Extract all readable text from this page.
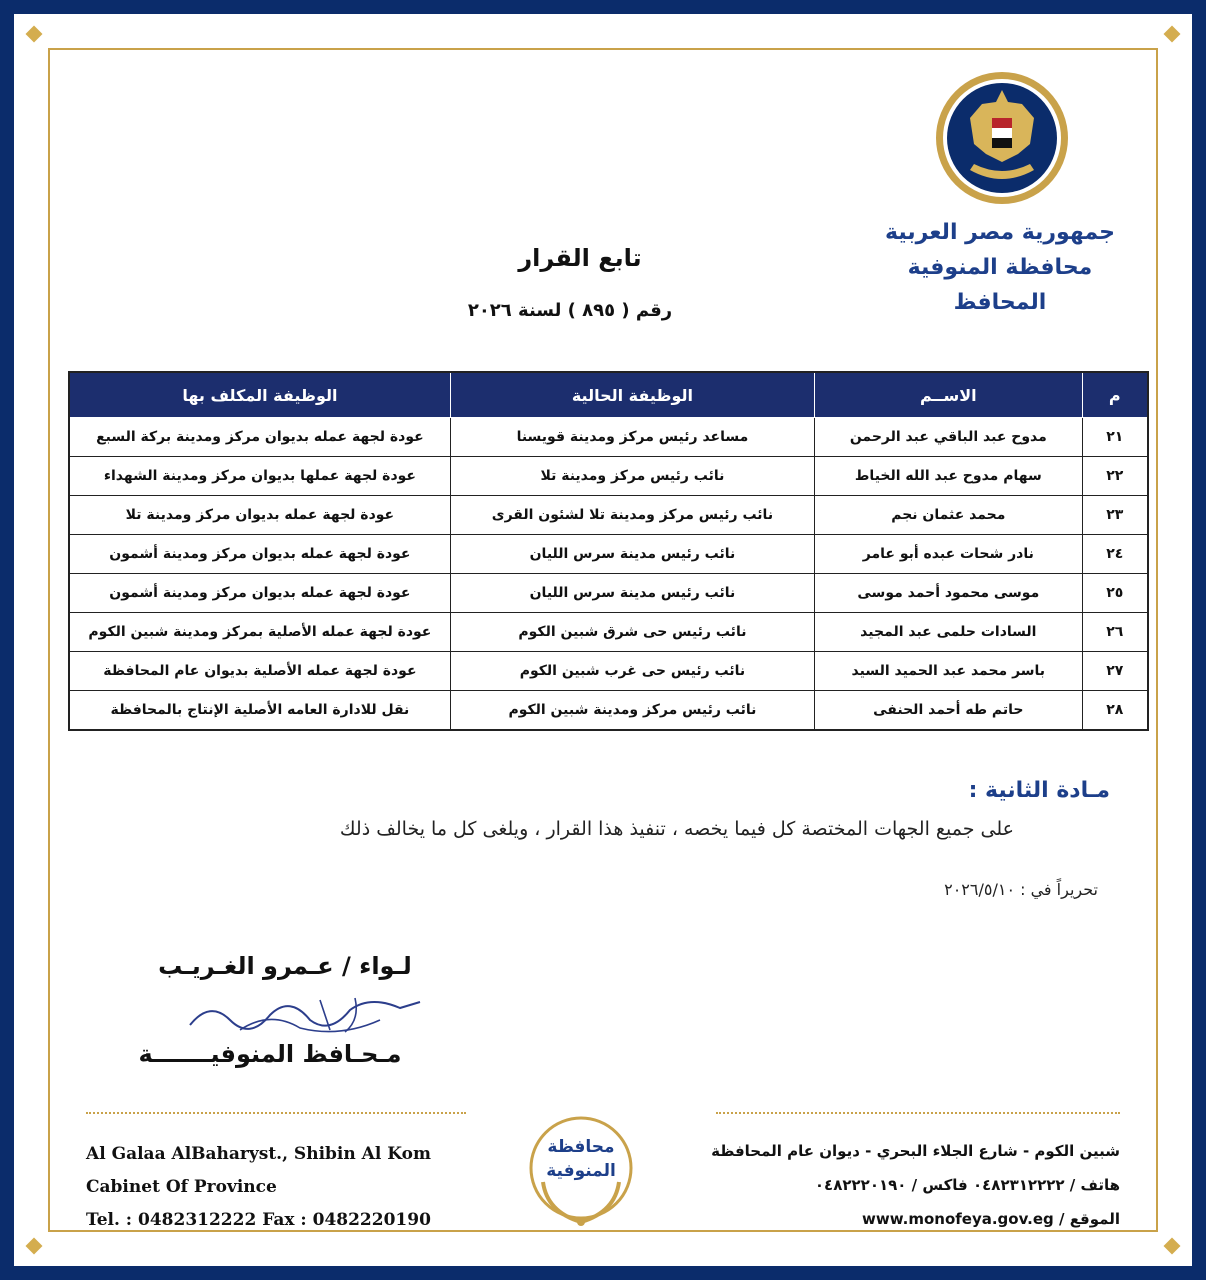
جمهورية مصر العربية
محافظة المنوفية
المحافظ
تابع القرار
رقم ( ٨٩٥ ) لسنة ٢٠٢٦
م	الاســم	الوظيفة الحالية	الوظيفة المكلف بها
٢١	مدوح عبد الباقي عبد الرحمن	مساعد رئيس مركز ومدينة قويسنا	عودة لجهة عمله بديوان مركز ومدينة بركة السبع
٢٢	سهام مدوح عبد الله الخياط	نائب رئيس مركز ومدينة تلا	عودة لجهة عملها بديوان مركز ومدينة الشهداء
٢٣	محمد عثمان نجم	نائب رئيس مركز ومدينة تلا لشئون القرى	عودة لجهة عمله بديوان مركز ومدينة تلا
٢٤	نادر شحات عبده أبو عامر	نائب رئيس مدينة سرس الليان	عودة لجهة عمله بديوان مركز ومدينة أشمون
٢٥	موسى محمود أحمد موسى	نائب رئيس مدينة سرس الليان	عودة لجهة عمله بديوان مركز ومدينة أشمون
٢٦	السادات حلمى عبد المجيد	نائب رئيس حى شرق شبين الكوم	عودة لجهة عمله الأصلية بمركز ومدينة شبين الكوم
٢٧	باسر محمد عبد الحميد السيد	نائب رئيس حى غرب شبين الكوم	عودة لجهة عمله الأصلية بديوان عام المحافظة
٢٨	حاتم طه أحمد الحنفى	نائب رئيس مركز ومدينة شبين الكوم	نقل للادارة العامه الأصلية الإنتاج بالمحافظة
مـادة الثانية :
على جميع الجهات المختصة كل فيما يخصه ، تنفيذ هذا القرار ، ويلغى كل ما يخالف ذلك
تحريراً في : ٢٠٢٦/٥/١٠
لـواء / عـمرو الغـريـب
مـحـافظ المنوفيـــــــة
Al Galaa AlBaharyst., Shibin Al Kom
Cabinet Of Province
Tel. : 0482312222 Fax : 0482220190
محافظة
المنوفية
شبين الكوم - شارع الجلاء البحري - ديوان عام المحافظة
هاتف / ٠٤٨٢٣١٢٢٢٢ فاكس / ٠٤٨٢٢٢٠١٩٠
الموقع / www.monofeya.gov.eg
